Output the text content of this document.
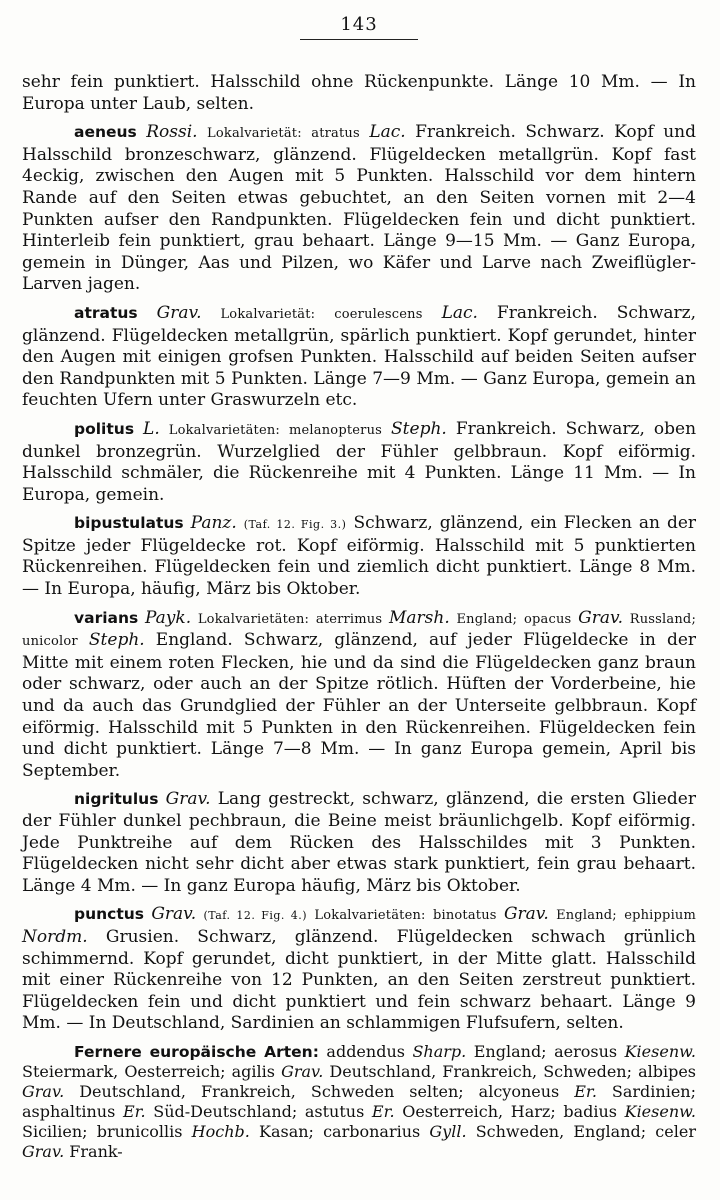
143

sehr fein punktiert. Halsschild ohne Rückenpunkte. Länge 10 Mm. — In Europa unter Laub, selten.

aeneus Rossi. Lokalvarietät: atratus Lac. Frankreich. Schwarz. Kopf und Halsschild bronzeschwarz, glänzend. Flügeldecken metallgrün. Kopf fast 4eckig, zwischen den Augen mit 5 Punkten. Halsschild vor dem hintern Rande auf den Seiten etwas gebuchtet, an den Seiten vornen mit 2—4 Punkten aufser den Randpunkten. Flügeldecken fein und dicht punktiert. Hinterleib fein punktiert, grau behaart. Länge 9—15 Mm. — Ganz Europa, gemein in Dünger, Aas und Pilzen, wo Käfer und Larve nach Zweiflügler-Larven jagen.

atratus Grav. Lokalvarietät: coerulescens Lac. Frankreich. Schwarz, glänzend. Flügeldecken metallgrün, spärlich punktiert. Kopf gerundet, hinter den Augen mit einigen grofsen Punkten. Halsschild auf beiden Seiten aufser den Randpunkten mit 5 Punkten. Länge 7—9 Mm. — Ganz Europa, gemein an feuchten Ufern unter Graswurzeln etc.

politus L. Lokalvarietäten: melanopterus Steph. Frankreich. Schwarz, oben dunkel bronzegrün. Wurzelglied der Fühler gelbbraun. Kopf eiförmig. Halsschild schmäler, die Rückenreihe mit 4 Punkten. Länge 11 Mm. — In Europa, gemein.

bipustulatus Panz. (Taf. 12. Fig. 3.) Schwarz, glänzend, ein Flecken an der Spitze jeder Flügeldecke rot. Kopf eiförmig. Halsschild mit 5 punktierten Rückenreihen. Flügeldecken fein und ziemlich dicht punktiert. Länge 8 Mm. — In Europa, häufig, März bis Oktober.

varians Payk. Lokalvarietäten: aterrimus Marsh. England; opacus Grav. Russland; unicolor Steph. England. Schwarz, glänzend, auf jeder Flügeldecke in der Mitte mit einem roten Flecken, hie und da sind die Flügeldecken ganz braun oder schwarz, oder auch an der Spitze rötlich. Hüften der Vorderbeine, hie und da auch das Grundglied der Fühler an der Unterseite gelbbraun. Kopf eiförmig. Halsschild mit 5 Punkten in den Rückenreihen. Flügeldecken fein und dicht punktiert. Länge 7—8 Mm. — In ganz Europa gemein, April bis September.

nigritulus Grav. Lang gestreckt, schwarz, glänzend, die ersten Glieder der Fühler dunkel pechbraun, die Beine meist bräunlichgelb. Kopf eiförmig. Jede Punktreihe auf dem Rücken des Halsschildes mit 3 Punkten. Flügeldecken nicht sehr dicht aber etwas stark punktiert, fein grau behaart. Länge 4 Mm. — In ganz Europa häufig, März bis Oktober.

punctus Grav. (Taf. 12. Fig. 4.) Lokalvarietäten: binotatus Grav. England; ephippium Nordm. Grusien. Schwarz, glänzend. Flügeldecken schwach grünlich schimmernd. Kopf gerundet, dicht punktiert, in der Mitte glatt. Halsschild mit einer Rückenreihe von 12 Punkten, an den Seiten zerstreut punktiert. Flügeldecken fein und dicht punktiert und fein schwarz behaart. Länge 9 Mm. — In Deutschland, Sardinien an schlammigen Flufsufern, selten.

Fernere europäische Arten: addendus Sharp. England; aerosus Kiesenw. Steiermark, Oesterreich; agilis Grav. Deutschland, Frankreich, Schweden; albipes Grav. Deutschland, Frankreich, Schweden selten; alcyoneus Er. Sardinien; asphaltinus Er. Süd-Deutschland; astutus Er. Oesterreich, Harz; badius Kiesenw. Sicilien; brunicollis Hochb. Kasan; carbonarius Gyll. Schweden, England; celer Grav. Frank-
